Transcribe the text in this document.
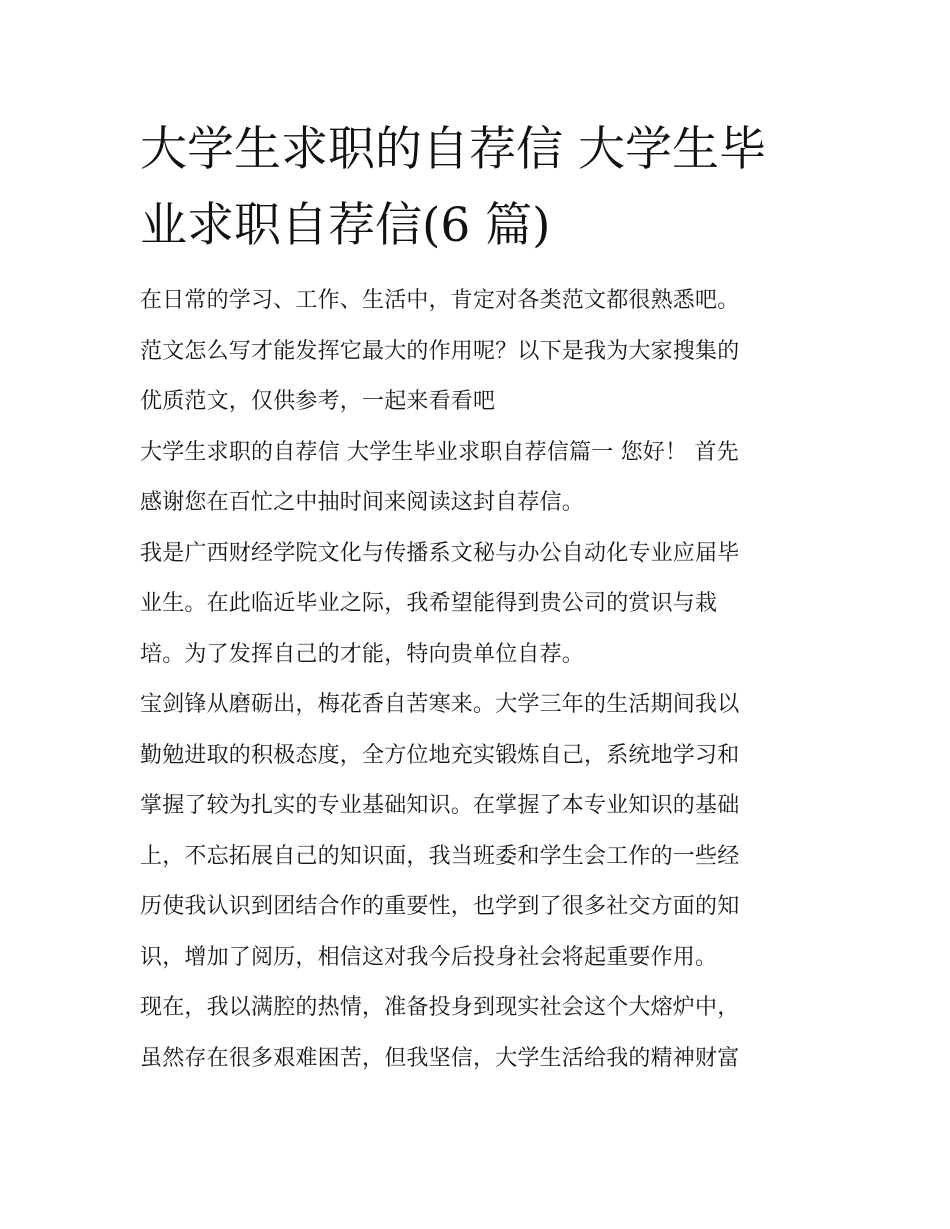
大学生求职的自荐信 大学生毕
业求职自荐信(6 篇)

在日常的学习、工作、生活中，肯定对各类范文都很熟悉吧。
范文怎么写才能发挥它最大的作用呢？以下是我为大家搜集的
优质范文，仅供参考，一起来看看吧

大学生求职的自荐信 大学生毕业求职自荐信篇一 您好！ 首先
感谢您在百忙之中抽时间来阅读这封自荐信。

我是广西财经学院文化与传播系文秘与办公自动化专业应届毕
业生。在此临近毕业之际，我希望能得到贵公司的赏识与栽
培。为了发挥自己的才能，特向贵单位自荐。

宝剑锋从磨砺出，梅花香自苦寒来。大学三年的生活期间我以
勤勉进取的积极态度，全方位地充实锻炼自己，系统地学习和
掌握了较为扎实的专业基础知识。在掌握了本专业知识的基础
上，不忘拓展自己的知识面，我当班委和学生会工作的一些经
历使我认识到团结合作的重要性，也学到了很多社交方面的知
识，增加了阅历，相信这对我今后投身社会将起重要作用。

现在，我以满腔的热情，准备投身到现实社会这个大熔炉中，
虽然存在很多艰难困苦，但我坚信，大学生活给我的精神财富
